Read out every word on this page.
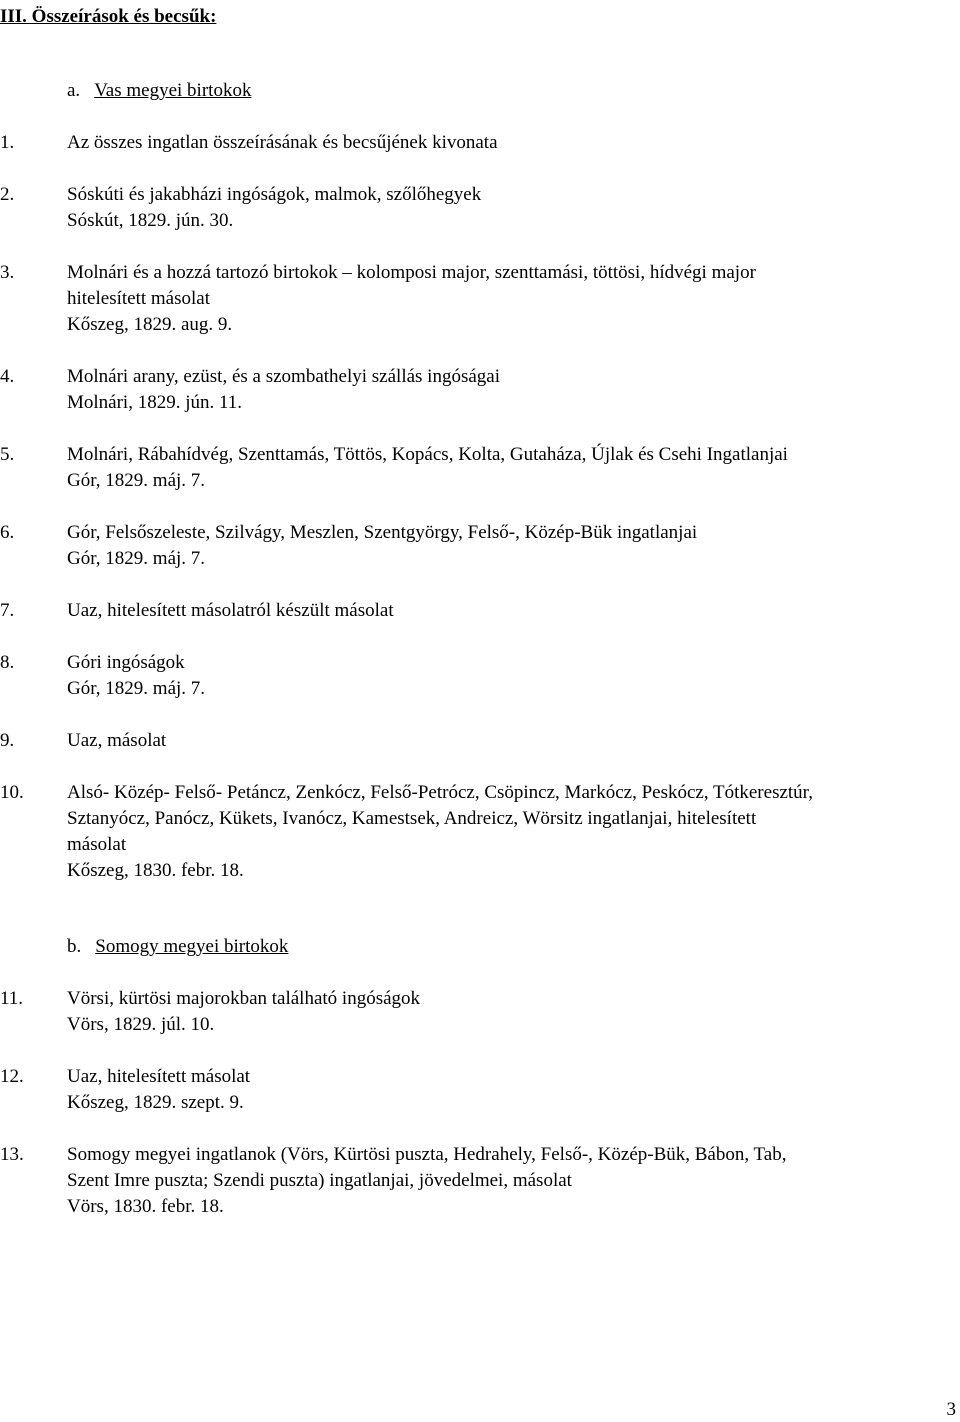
III. Összeírások és becsűk:
a. Vas megyei birtokok
1.	Az összes ingatlan összeírásának és becsűjének kivonata
2.	Sóskúti és jakabházi ingóságok, malmok, szőlőhegyek
Sóskút, 1829. jún. 30.
3.	Molnári és a hozzá tartozó birtokok – kolomposi major, szenttamási, töttösi, hídvégi major
hitelesített másolat
Kőszeg, 1829. aug. 9.
4.	Molnári arany, ezüst, és a szombathelyi szállás ingóságai
Molnári, 1829. jún. 11.
5.	Molnári, Rábahídvég, Szenttamás, Töttös, Kopács, Kolta, Gutaháza, Újlak és Csehi Ingatlanjai
Gór, 1829. máj. 7.
6.	Gór, Felsőszeleste, Szilvágy, Meszlen, Szentgyörgy, Felső-, Közép-Bük ingatlanjai
Gór, 1829. máj. 7.
7.	Uaz, hitelesített másolatról készült másolat
8.	Góri ingóságok
Gór, 1829. máj. 7.
9.	Uaz, másolat
10. Alsó- Közép- Felső- Petáncz, Zenkócz, Felső-Petrócz, Csöpincz, Markócz, Peskócz, Tótkeresztúr,
Sztanyócz, Panócz, Kükets, Ivanócz, Kamestsek, Andreicz, Wörsitz ingatlanjai, hitelesített
másolat
Kőszeg, 1830. febr. 18.
b. Somogy megyei birtokok
11. Vörsi, kürtösi majorokban található ingóságok
Vörs, 1829. júl. 10.
12. Uaz, hitelesített másolat
Kőszeg, 1829. szept. 9.
13. Somogy megyei ingatlanok (Vörs, Kürtösi puszta, Hedrahely, Felső-, Közép-Bük, Bábon, Tab,
Szent Imre puszta; Szendi puszta) ingatlanjai, jövedelmei, másolat
Vörs, 1830. febr. 18.
3
